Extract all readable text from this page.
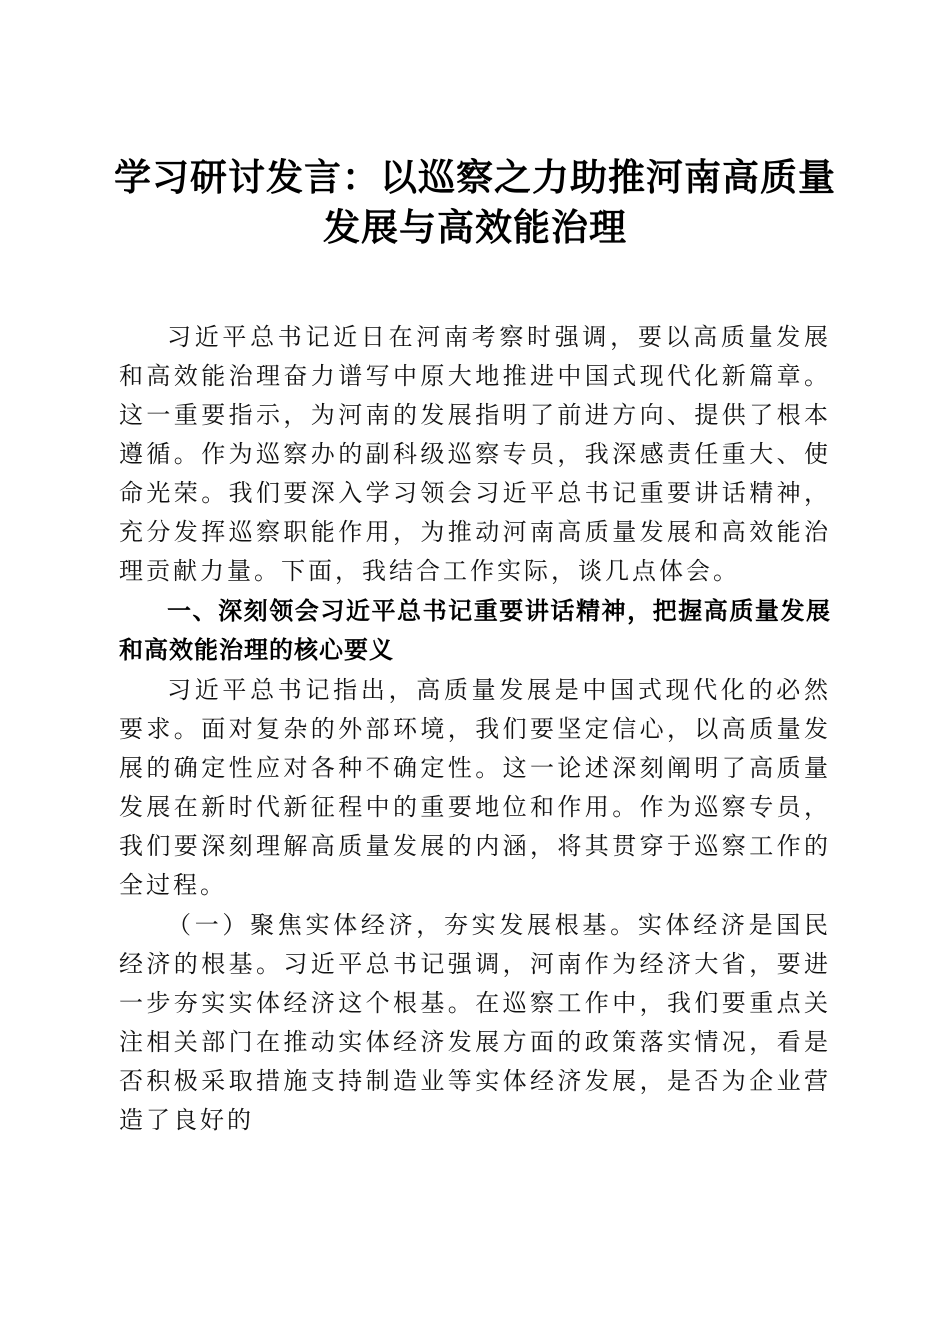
学习研讨发言：以巡察之力助推河南高质量发展与高效能治理

习近平总书记近日在河南考察时强调，要以高质量发展和高效能治理奋力谱写中原大地推进中国式现代化新篇章。这一重要指示，为河南的发展指明了前进方向、提供了根本遵循。作为巡察办的副科级巡察专员，我深感责任重大、使命光荣。我们要深入学习领会习近平总书记重要讲话精神，充分发挥巡察职能作用，为推动河南高质量发展和高效能治理贡献力量。下面，我结合工作实际，谈几点体会。

一、深刻领会习近平总书记重要讲话精神，把握高质量发展和高效能治理的核心要义

习近平总书记指出，高质量发展是中国式现代化的必然要求。面对复杂的外部环境，我们要坚定信心，以高质量发展的确定性应对各种不确定性。这一论述深刻阐明了高质量发展在新时代新征程中的重要地位和作用。作为巡察专员，我们要深刻理解高质量发展的内涵，将其贯穿于巡察工作的全过程。

（一）聚焦实体经济，夯实发展根基。实体经济是国民经济的根基。习近平总书记强调，河南作为经济大省，要进一步夯实实体经济这个根基。在巡察工作中，我们要重点关注相关部门在推动实体经济发展方面的政策落实情况，看是否积极采取措施支持制造业等实体经济发展，是否为企业营造了良好的
